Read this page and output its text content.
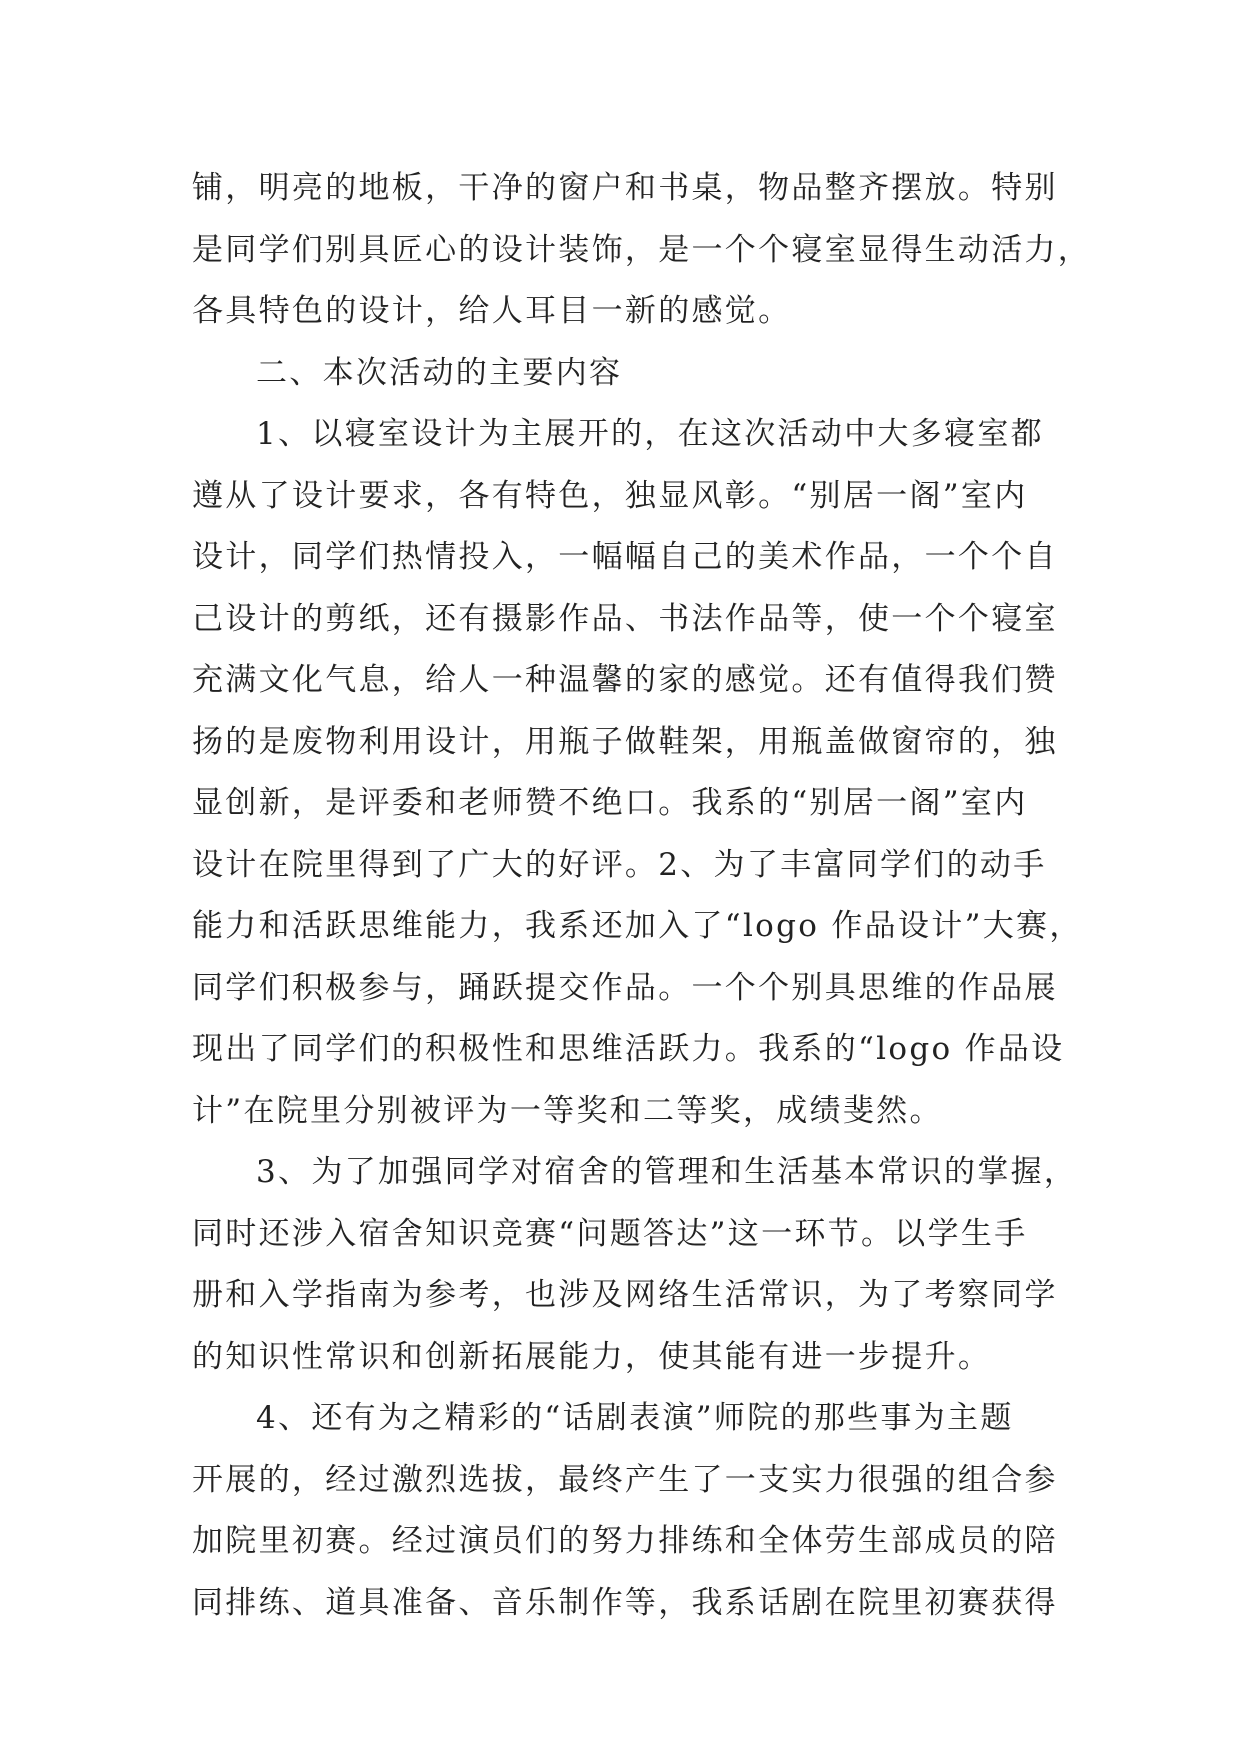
铺，明亮的地板，干净的窗户和书桌，物品整齐摆放。特别
是同学们别具匠心的设计装饰，是一个个寝室显得生动活力，
各具特色的设计，给人耳目一新的感觉。
二、本次活动的主要内容
1、以寝室设计为主展开的，在这次活动中大多寝室都
遵从了设计要求，各有特色，独显风彰。“别居一阁”室内
设计，同学们热情投入，一幅幅自己的美术作品，一个个自
己设计的剪纸，还有摄影作品、书法作品等，使一个个寝室
充满文化气息，给人一种温馨的家的感觉。还有值得我们赞
扬的是废物利用设计，用瓶子做鞋架，用瓶盖做窗帘的，独
显创新，是评委和老师赞不绝口。我系的“别居一阁”室内
设计在院里得到了广大的好评。2、为了丰富同学们的动手
能力和活跃思维能力，我系还加入了“logo 作品设计”大赛，
同学们积极参与，踊跃提交作品。一个个别具思维的作品展
现出了同学们的积极性和思维活跃力。我系的“logo 作品设
计”在院里分别被评为一等奖和二等奖，成绩斐然。
3、为了加强同学对宿舍的管理和生活基本常识的掌握，
同时还涉入宿舍知识竞赛“问题答达”这一环节。以学生手
册和入学指南为参考，也涉及网络生活常识，为了考察同学
的知识性常识和创新拓展能力，使其能有进一步提升。
4、还有为之精彩的“话剧表演”师院的那些事为主题
开展的，经过激烈选拔，最终产生了一支实力很强的组合参
加院里初赛。经过演员们的努力排练和全体劳生部成员的陪
同排练、道具准备、音乐制作等，我系话剧在院里初赛获得
